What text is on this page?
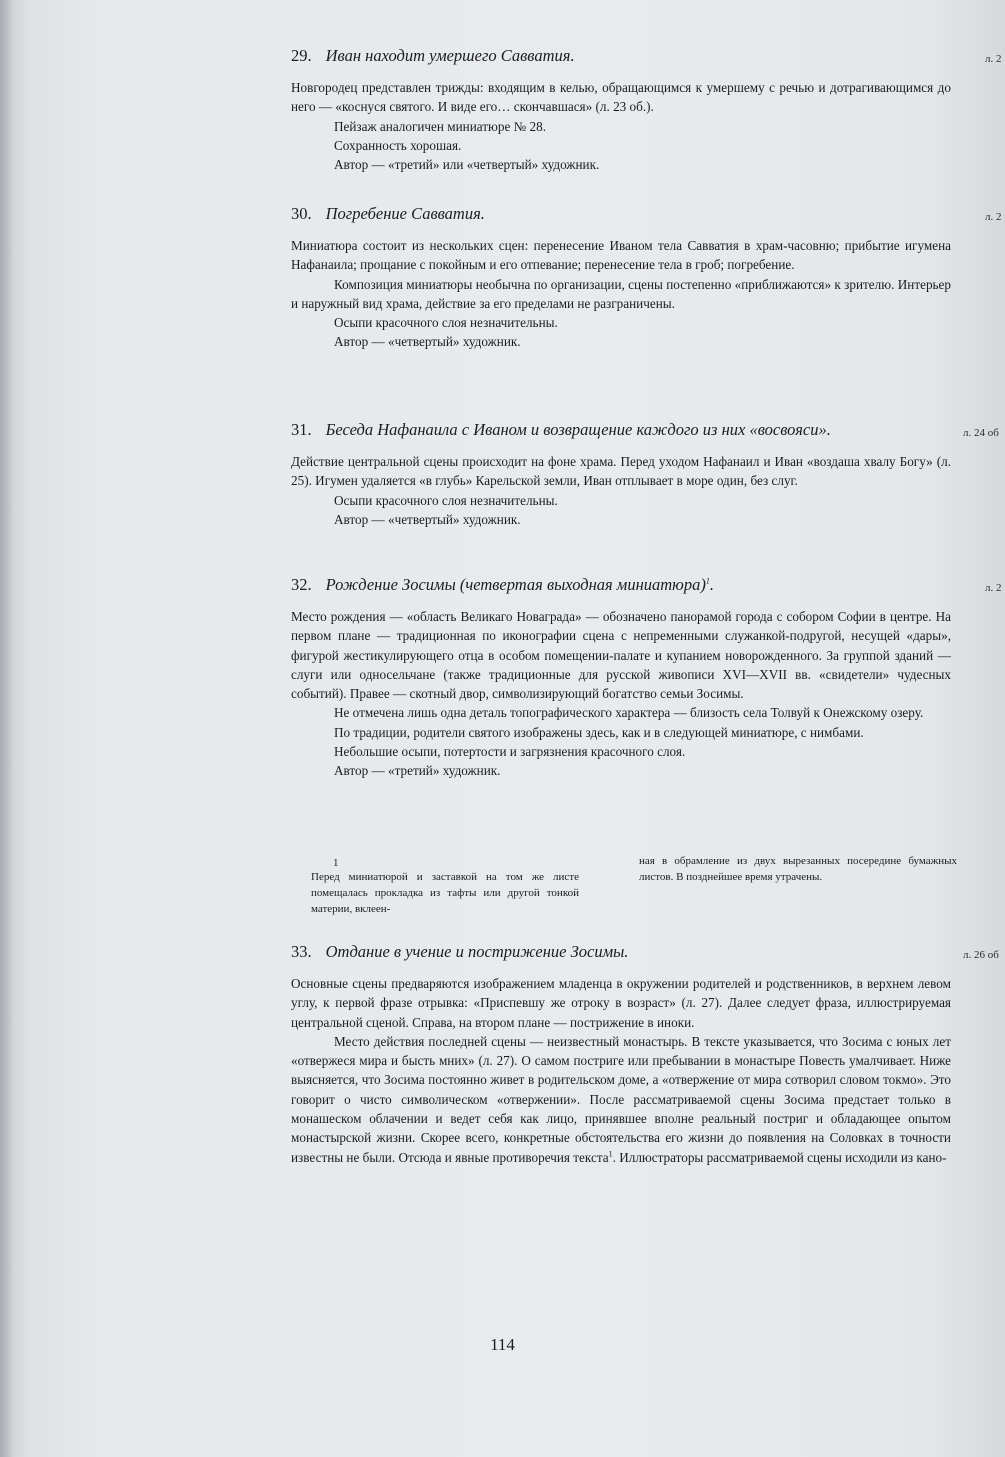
29. Иван находит умершего Савватия.	л. 2

Новгородец представлен трижды: входящим в келью, обращающимся к умершему с речью и дотрагивающимся до него — «коснуся святого. И виде его… скончавшася» (л. 23 об.).

Пейзаж аналогичен миниатюре № 28.

Сохранность хорошая.

Автор — «третий» или «четвертый» художник.

30. Погребение Савватия.	л. 2

Миниатюра состоит из нескольких сцен: перенесение Иваном тела Савватия в храм-часовню; прибытие игумена Нафанаила; прощание с покойным и его отпевание; перенесение тела в гроб; погребение.

Композиция миниатюры необычна по организации, сцены постепенно «приближаются» к зрителю. Интерьер и наружный вид храма, действие за его пределами не разграничены.

Осыпи красочного слоя незначительны.

Автор — «четвертый» художник.

31. Беседа Нафанаила с Иваном и возвращение каждого из них «восвояси».	л. 24 об

Действие центральной сцены происходит на фоне храма. Перед уходом Нафанаил и Иван «воздаша хвалу Богу» (л. 25). Игумен удаляется «в глубь» Карельской земли, Иван отплывает в море один, без слуг.

Осыпи красочного слоя незначительны.

Автор — «четвертый» художник.

32. Рождение Зосимы (четвертая выходная миниатюра)$^1$.	л. 2

Место рождения — «область Великаго Новаграда» — обозначено панорамой города с собором Софии в центре. На первом плане — традиционная по иконографии сцена с непременными служанкой-подругой, несущей «дары», фигурой жестикулирующего отца в особом помещении-палате и купанием новорожденного. За группой зданий — слуги или односельчане (также традиционные для русской живописи XVI—XVII вв. «свидетели» чудесных событий). Правее — скотный двор, символизирующий богатство семьи Зосимы.

Не отмечена лишь одна деталь топографического характера — близость села Толвуй к Онежскому озеру.

По традиции, родители святого изображены здесь, как и в следующей миниатюре, с нимбами.

Небольшие осыпи, потертости и загрязнения красочного слоя.

Автор — «третий» художник.

1
Перед миниатюрой и заставкой на том же листе помещалась прокладка из тафты или другой тонкой материи, вклеен-
ная в обрамление из двух вырезанных посередине бумажных листов. В позднейшее время утрачены.
33. Отдание в учение и пострижение Зосимы.	л. 26 об

Основные сцены предваряются изображением младенца в окружении родителей и родственников, в верхнем левом углу, к первой фразе отрывка: «Приспевшу же отроку в возраст» (л. 27). Далее следует фраза, иллюстрируемая центральной сценой. Справа, на втором плане — пострижение в иноки.

Место действия последней сцены — неизвестный монастырь. В тексте указывается, что Зосима с юных лет «отвержеся мира и бысть мних» (л. 27). О самом постриге или пребывании в монастыре Повесть умалчивает. Ниже выясняется, что Зосима постоянно живет в родительском доме, а «отвержение от мира сотворил словом токмо». Это говорит о чисто символическом «отвержении». После рассматриваемой сцены Зосима предстает только в монашеском облачении и ведет себя как лицо, принявшее вполне реальный постриг и обладающее опытом монастырской жизни. Скорее всего, конкретные обстоятельства его жизни до появления на Соловках в точности известны не были. Отсюда и явные противоречия текста$^1$. Иллюстраторы рассматриваемой сцены исходили из кано-

114
